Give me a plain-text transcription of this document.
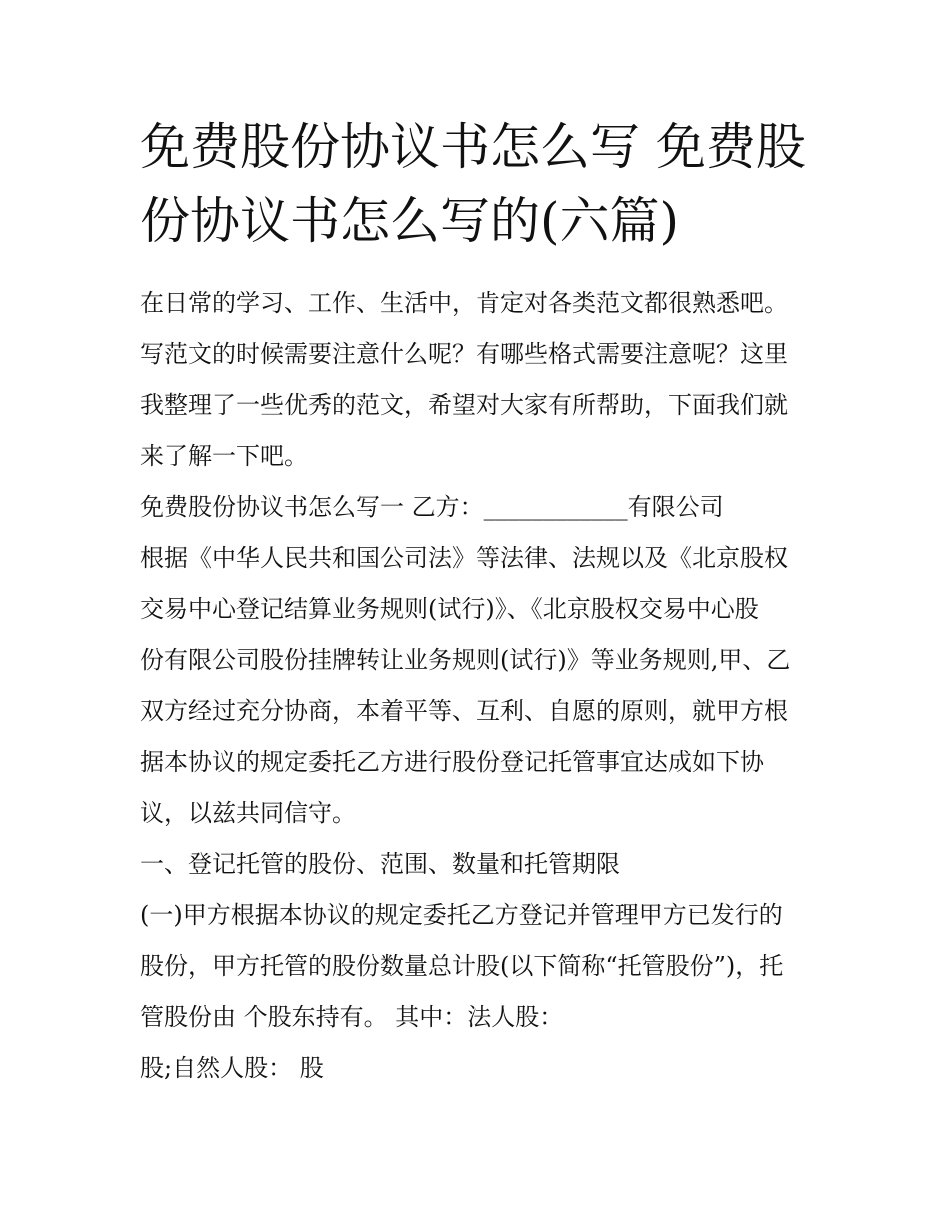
免费股份协议书怎么写 免费股
份协议书怎么写的(六篇)
在日常的学习、工作、生活中，肯定对各类范文都很熟悉吧。
写范文的时候需要注意什么呢？有哪些格式需要注意呢？这里
我整理了一些优秀的范文，希望对大家有所帮助，下面我们就
来了解一下吧。
免费股份协议书怎么写一 乙方：____________有限公司
根据《中华人民共和国公司法》等法律、法规以及《北京股权
交易中心登记结算业务规则(试行)》、《北京股权交易中心股
份有限公司股份挂牌转让业务规则(试行)》等业务规则,甲、乙
双方经过充分协商，本着平等、互利、自愿的原则，就甲方根
据本协议的规定委托乙方进行股份登记托管事宜达成如下协
议，以兹共同信守。
一、登记托管的股份、范围、数量和托管期限
(一)甲方根据本协议的规定委托乙方登记并管理甲方已发行的
股份，甲方托管的股份数量总计股(以下简称“托管股份”)，托
管股份由 个股东持有。 其中：法人股：
股;自然人股： 股
